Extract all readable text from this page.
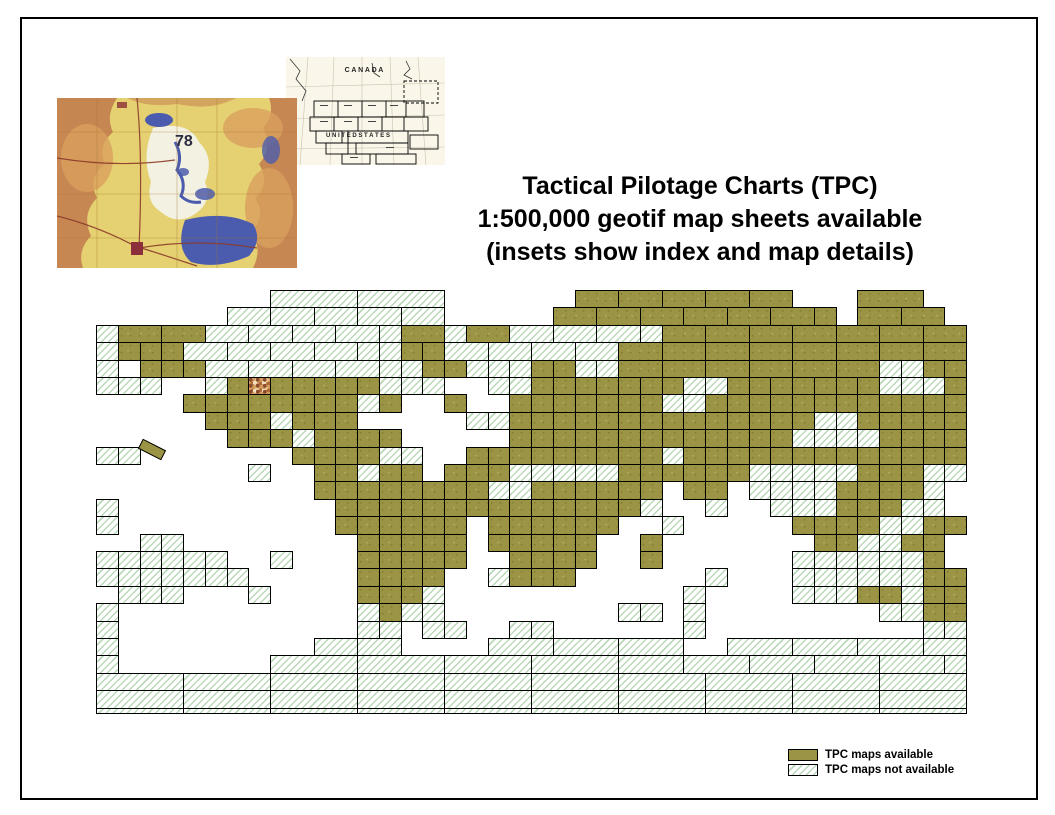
C A N A D A
U N I T E D S T A T E S
78
Tactical Pilotage Charts (TPC)
1:500,000 geotif map sheets available
(insets show index and map details)
TPC maps available
TPC maps not available
